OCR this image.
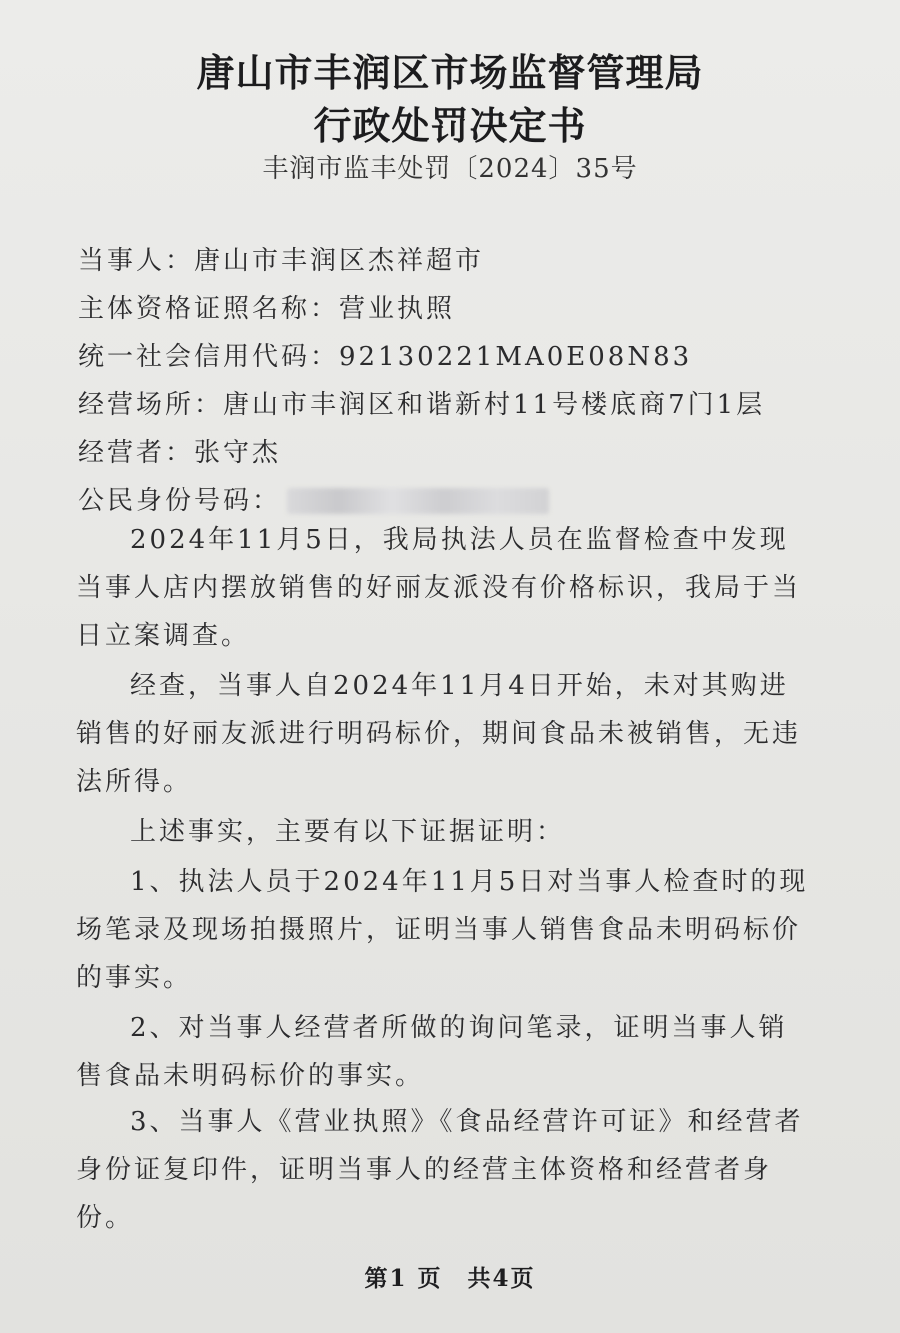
唐山市丰润区市场监督管理局
行政处罚决定书
丰润市监丰处罚〔2024〕35号
当事人：唐山市丰润区杰祥超市
主体资格证照名称：营业执照
统一社会信用代码：92130221MA0E08N83
经营场所：唐山市丰润区和谐新村11号楼底商7门1层
经营者：张守杰
公民身份号码：

2024年11月5日，我局执法人员在监督检查中发现当事人店内摆放销售的好丽友派没有价格标识，我局于当日立案调查。

经查，当事人自2024年11月4日开始，未对其购进销售的好丽友派进行明码标价，期间食品未被销售，无违法所得。

上述事实，主要有以下证据证明：

1、执法人员于2024年11月5日对当事人检查时的现场笔录及现场拍摄照片，证明当事人销售食品未明码标价的事实。

2、对当事人经营者所做的询问笔录，证明当事人销售食品未明码标价的事实。

3、当事人《营业执照》《食品经营许可证》和经营者身份证复印件，证明当事人的经营主体资格和经营者身份。

第1 页　共4页
